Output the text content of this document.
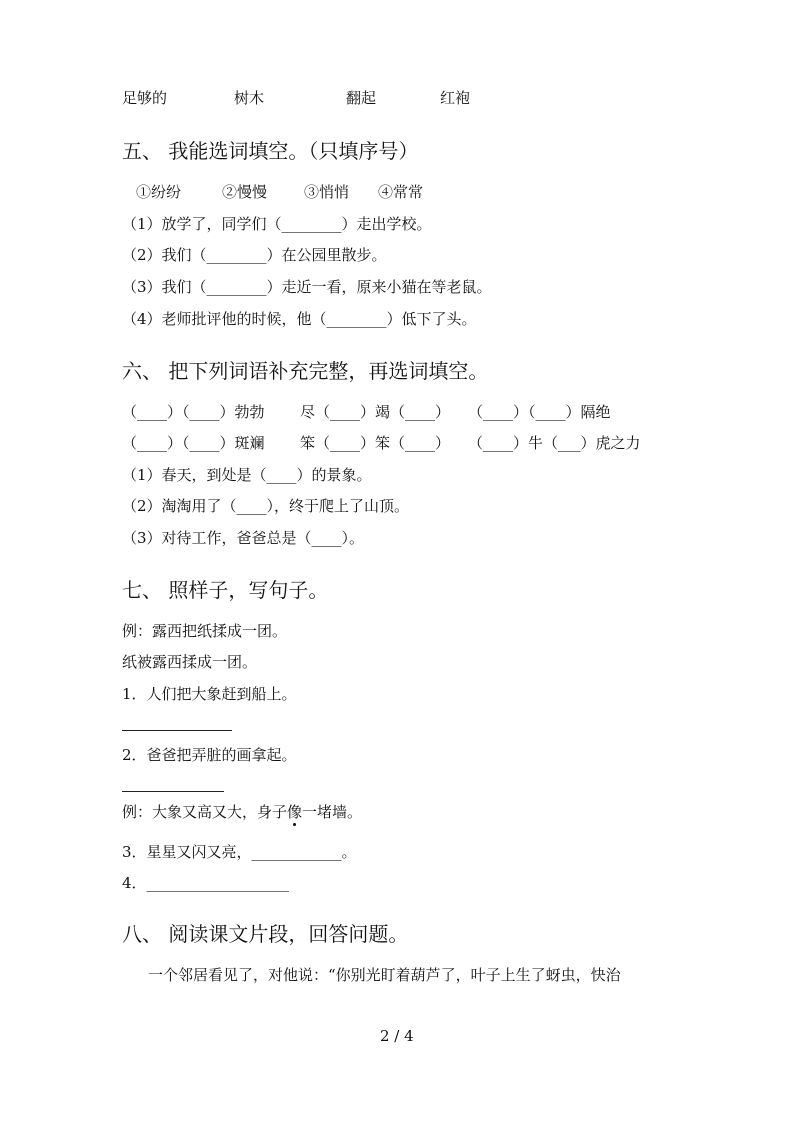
足够的	树木	翻起	红袍
五、 我能选词填空。（只填序号）
①纷纷	②慢慢 ③悄悄 ④常常
（1）放学了，同学们（________）走出学校。
（2）我们（________）在公园里散步。
（3）我们（________）走近一看，原来小猫在等老鼠。
（4）老师批评他的时候，他（________）低下了头。
六、 把下列词语补充完整，再选词填空。
（____）（____）勃勃 尽（____）竭（____） （____）（____）隔绝
（____）（____）斑斓 笨（____）笨（____） （____）牛（___）虎之力
（1）春天，到处是（____）的景象。
（2）淘淘用了（____），终于爬上了山顶。
（3）对待工作，爸爸总是（____）。
七、 照样子，写句子。
例：露西把纸揉成一团。
纸被露西揉成一团。
1．人们把大象赶到船上。
2．爸爸把弄脏的画拿起。
例：大象又高又大，身子像一堵墙。
3．星星又闪又亮，____________。
4．___________________
八、 阅读课文片段，回答问题。
一个邻居看见了，对他说：“你别光盯着葫芦了，叶子上生了蚜虫，快治
2 / 4
